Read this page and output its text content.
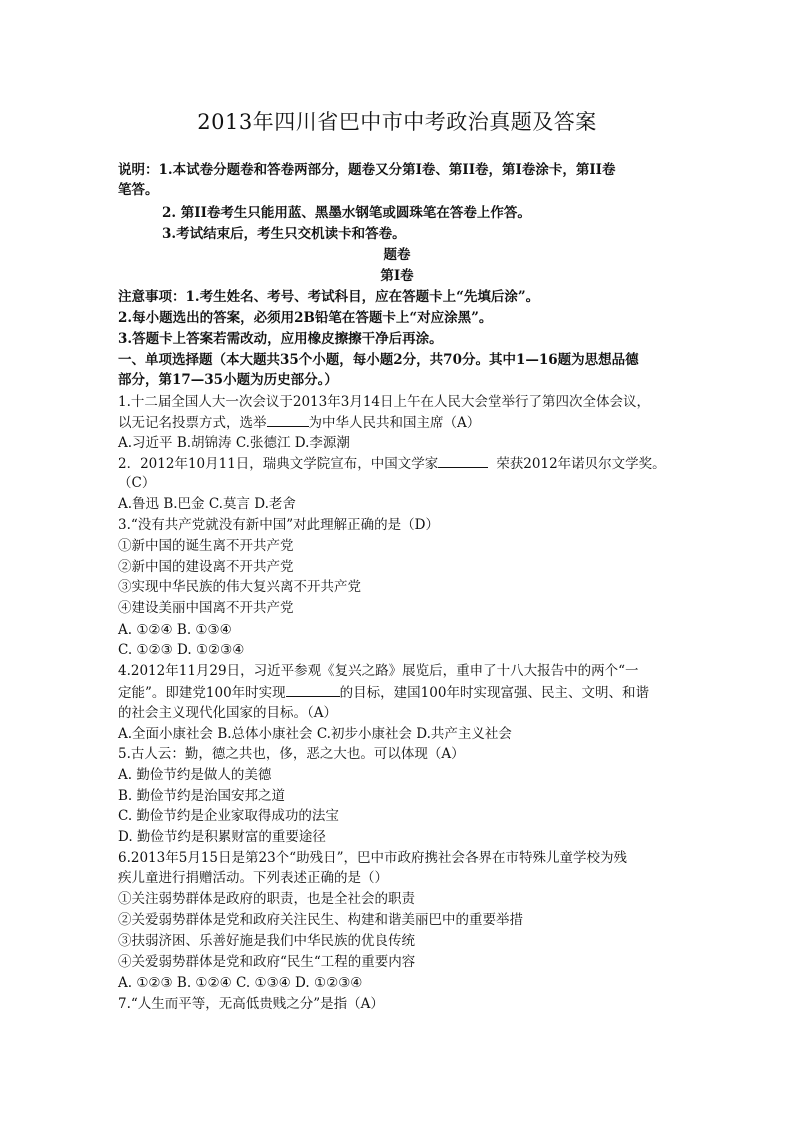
2013年四川省巴中市中考政治真题及答案
说明：1.本试卷分题卷和答卷两部分，题卷又分第Ⅰ卷、第II卷，第Ⅰ卷涂卡，第II卷
笔答。
2. 第II卷考生只能用蓝、黑墨水钢笔或圆珠笔在答卷上作答。
3.考试结束后，考生只交机读卡和答卷。
题卷
第Ⅰ卷
注意事项：1.考生姓名、考号、考试科目，应在答题卡上“先填后涂”。
2.每小题选出的答案，必须用2B铅笔在答题卡上“对应涂黑”。
3.答题卡上答案若需改动，应用橡皮擦擦干净后再涂。
一、单项选择题（本大题共35个小题，每小题2分，共70分。其中1—16题为思想品德
部分，第17—35小题为历史部分。）
1.十二届全国人大一次会议于2013年3月14日上午在人民大会堂举行了第四次全体会议，
以无记名投票方式，选举	为中华人民共和国主席（A）
A.习近平 B.胡锦涛 C.张德江 D.李源潮
2．2012年10月11日，瑞典文学院宣布，中国文学家	荣获2012年诺贝尔文学奖。
（C）
A.鲁迅 B.巴金 C.莫言 D.老舍
3.“没有共产党就没有新中国”对此理解正确的是（D）
①新中国的诞生离不开共产党
②新中国的建设离不开共产党
③实现中华民族的伟大复兴离不开共产党
④建设美丽中国离不开共产党
A. ①②④ B. ①③④
C. ①②③ D. ①②③④
4.2012年11月29日，习近平参观《复兴之路》展览后，重申了十八大报告中的两个“一
定能”。即建党100年时实现	的目标，建国100年时实现富强、民主、文明、和谐
的社会主义现代化国家的目标。（A）
A.全面小康社会 B.总体小康社会 C.初步小康社会 D.共产主义社会
5.古人云：勤，德之共也，侈，恶之大也。可以体现（A）
A. 勤俭节约是做人的美德
B. 勤俭节约是治国安邦之道
C. 勤俭节约是企业家取得成功的法宝
D. 勤俭节约是积累财富的重要途径
6.2013年5月15日是第23个“助残日”，巴中市政府携社会各界在市特殊儿童学校为残
疾儿童进行捐赠活动。下列表述正确的是（）
①关注弱势群体是政府的职责，也是全社会的职责
②关爱弱势群体是党和政府关注民生、构建和谐美丽巴中的重要举措
③扶弱济困、乐善好施是我们中华民族的优良传统
④关爱弱势群体是党和政府“民生“工程的重要内容
A. ①②③ B. ①②④ C. ①③④ D. ①②③④
7.“人生而平等，无高低贵贱之分”是指（A）
